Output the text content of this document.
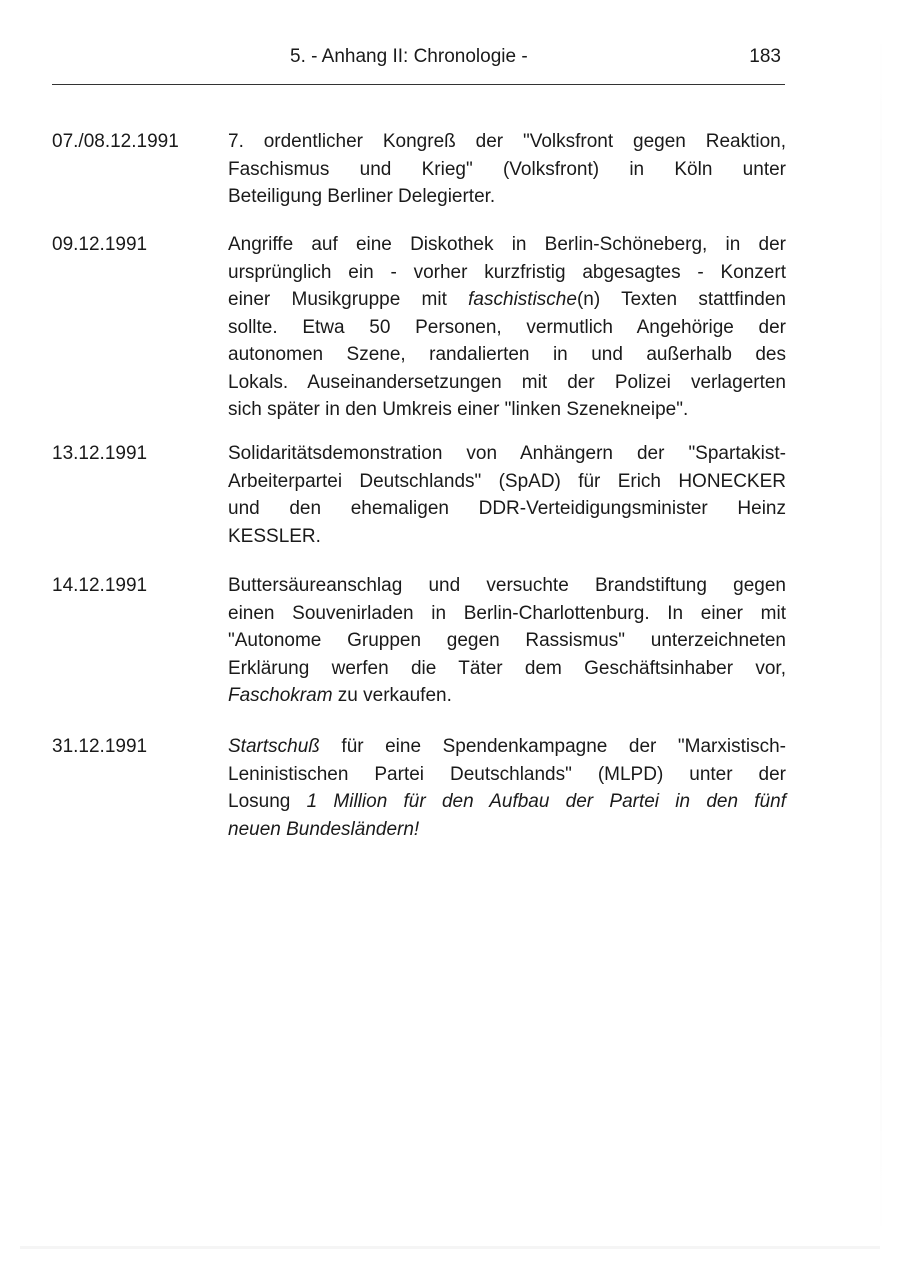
5. - Anhang II: Chronologie -	183
07./08.12.1991	7. ordentlicher Kongreß der "Volksfront gegen Reaktion,
Faschismus und Krieg" (Volksfront) in Köln unter
Beteiligung Berliner Delegierter.
09.12.1991	Angriffe auf eine Diskothek in Berlin-Schöneberg, in der
ursprünglich ein - vorher kurzfristig abgesagtes - Konzert
einer Musikgruppe mit faschistische(n) Texten stattfinden
sollte. Etwa 50 Personen, vermutlich Angehörige der
autonomen Szene, randalierten in und außerhalb des
Lokals. Auseinandersetzungen mit der Polizei verlagerten
sich später in den Umkreis einer "linken Szenekneipe".
13.12.1991	Solidaritätsdemonstration von Anhängern der "Spartakist-
Arbeiterpartei Deutschlands" (SpAD) für Erich HONECKER
und den ehemaligen DDR-Verteidigungsminister Heinz
KESSLER.
14.12.1991	Buttersäureanschlag und versuchte Brandstiftung gegen
einen Souvenirladen in Berlin-Charlottenburg. In einer mit
"Autonome Gruppen gegen Rassismus" unterzeichneten
Erklärung werfen die Täter dem Geschäftsinhaber vor,
Faschokram zu verkaufen.
31.12.1991	Startschuß für eine Spendenkampagne der "Marxistisch-
Leninistischen Partei Deutschlands" (MLPD) unter der
Losung 1 Million für den Aufbau der Partei in den fünf
neuen Bundesländern!
